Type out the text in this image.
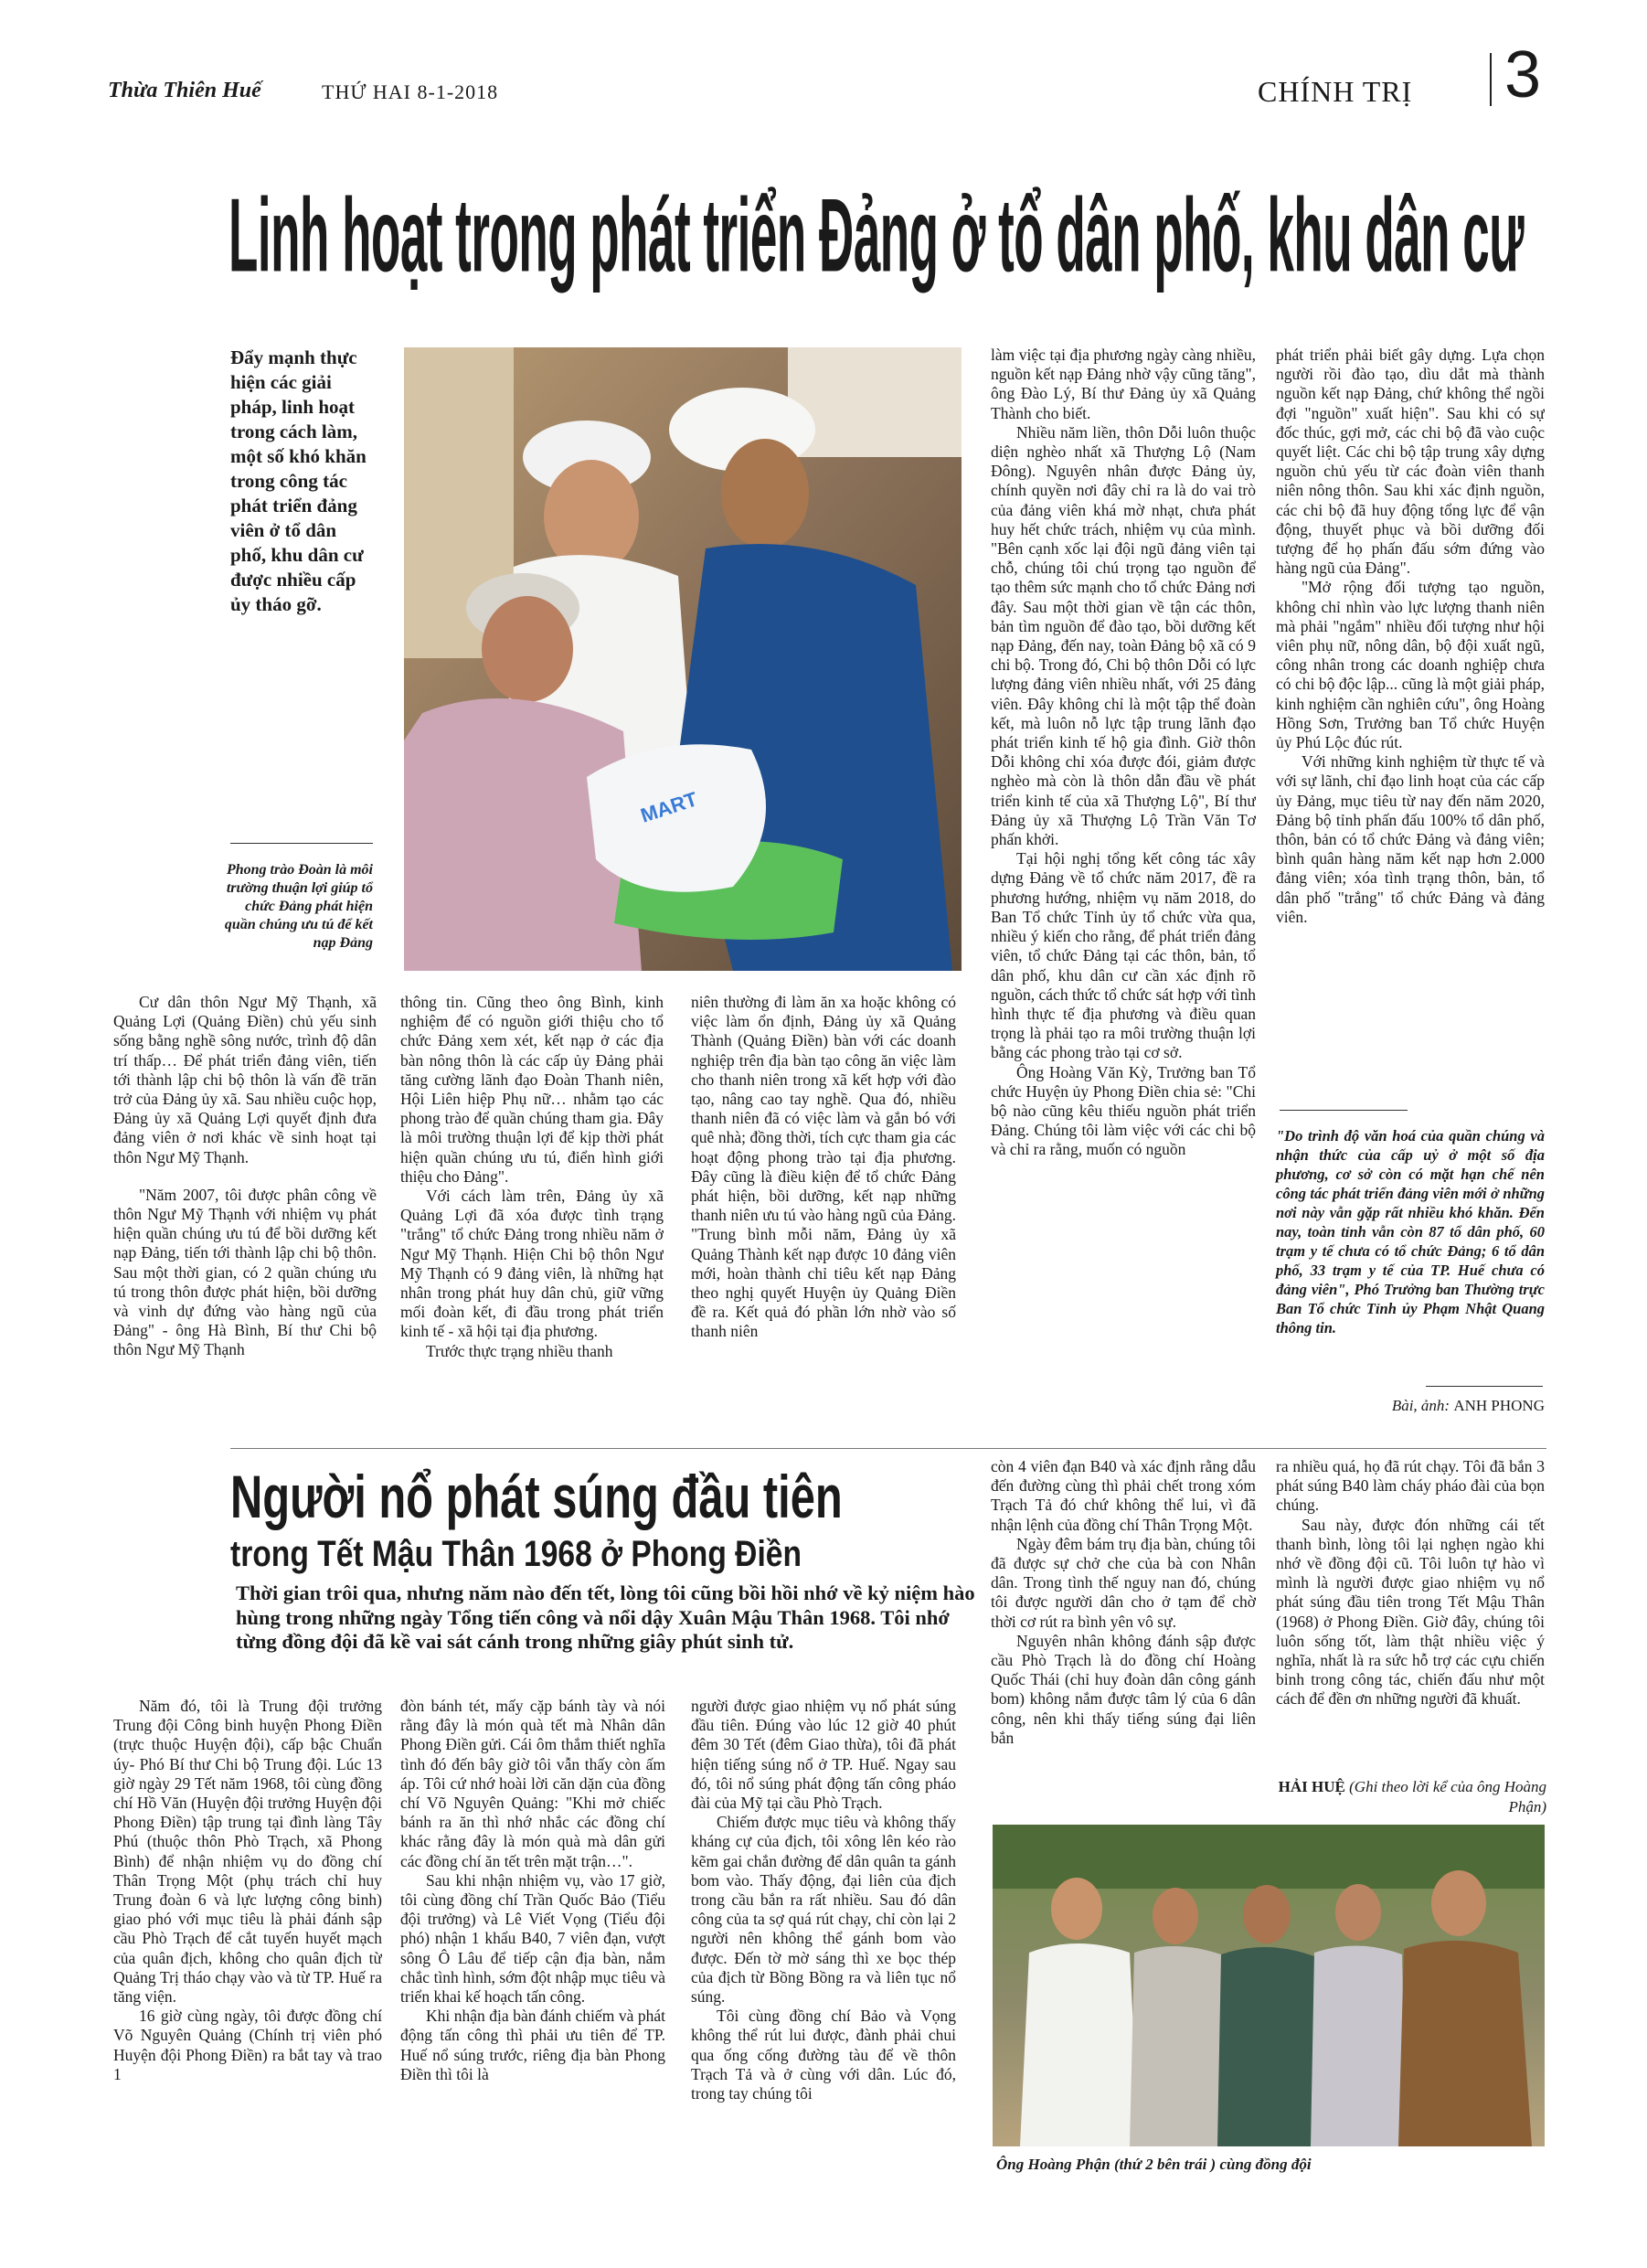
Thừa Thiên Huế	THỨ HAI 8-1-2018	CHÍNH TRỊ 3
Linh hoạt trong phát triển Đảng ở tổ dân phố, khu dân cư
Đẩy mạnh thực hiện các giải pháp, linh hoạt trong cách làm, một số khó khăn trong công tác phát triển đảng viên ở tổ dân phố, khu dân cư được nhiều cấp ủy tháo gỡ.
MART
Phong trào Đoàn là môi trường thuận lợi giúp tổ chức Đảng phát hiện quần chúng ưu tú để kết nạp Đảng

Cư dân thôn Ngư Mỹ Thạnh, xã Quảng Lợi (Quảng Điền) chủ yếu sinh sống bằng nghề sông nước, trình độ dân trí thấp… Để phát triển đảng viên, tiến tới thành lập chi bộ thôn là vấn đề trăn trở của Đảng ủy xã. Sau nhiều cuộc họp, Đảng ủy xã Quảng Lợi quyết định đưa đảng viên ở nơi khác về sinh hoạt tại thôn Ngư Mỹ Thạnh.

"Năm 2007, tôi được phân công về thôn Ngư Mỹ Thạnh với nhiệm vụ phát hiện quần chúng ưu tú để bồi dưỡng kết nạp Đảng, tiến tới thành lập chi bộ thôn. Sau một thời gian, có 2 quần chúng ưu tú trong thôn được phát hiện, bồi dưỡng và vinh dự đứng vào hàng ngũ của Đảng" - ông Hà Bình, Bí thư Chi bộ thôn Ngư Mỹ Thạnh

thông tin. Cũng theo ông Bình, kinh nghiệm để có nguồn giới thiệu cho tổ chức Đảng xem xét, kết nạp ở các địa bàn nông thôn là các cấp ủy Đảng phải tăng cường lãnh đạo Đoàn Thanh niên, Hội Liên hiệp Phụ nữ… nhằm tạo các phong trào để quần chúng tham gia. Đây là môi trường thuận lợi để kịp thời phát hiện quần chúng ưu tú, điển hình giới thiệu cho Đảng".

Với cách làm trên, Đảng ủy xã Quảng Lợi đã xóa được tình trạng "trắng" tổ chức Đảng trong nhiều năm ở Ngư Mỹ Thạnh. Hiện Chi bộ thôn Ngư Mỹ Thạnh có 9 đảng viên, là những hạt nhân trong phát huy dân chủ, giữ vững mối đoàn kết, đi đầu trong phát triển kinh tế - xã hội tại địa phương.

Trước thực trạng nhiều thanh

niên thường đi làm ăn xa hoặc không có việc làm ổn định, Đảng ủy xã Quảng Thành (Quảng Điền) bàn với các doanh nghiệp trên địa bàn tạo công ăn việc làm cho thanh niên trong xã kết hợp với đào tạo, nâng cao tay nghề. Qua đó, nhiều thanh niên đã có việc làm và gắn bó với quê nhà; đồng thời, tích cực tham gia các hoạt động phong trào tại địa phương. Đây cũng là điều kiện để tổ chức Đảng phát hiện, bồi dưỡng, kết nạp những thanh niên ưu tú vào hàng ngũ của Đảng. "Trung bình mỗi năm, Đảng ủy xã Quảng Thành kết nạp được 10 đảng viên mới, hoàn thành chỉ tiêu kết nạp Đảng theo nghị quyết Huyện ủy Quảng Điền đề ra. Kết quả đó phần lớn nhờ vào số thanh niên

làm việc tại địa phương ngày càng nhiều, nguồn kết nạp Đảng nhờ vậy cũng tăng", ông Đào Lý, Bí thư Đảng ủy xã Quảng Thành cho biết.

Nhiều năm liền, thôn Dỗi luôn thuộc diện nghèo nhất xã Thượng Lộ (Nam Đông). Nguyên nhân được Đảng ủy, chính quyền nơi đây chỉ ra là do vai trò của đảng viên khá mờ nhạt, chưa phát huy hết chức trách, nhiệm vụ của mình. "Bên cạnh xốc lại đội ngũ đảng viên tại chỗ, chúng tôi chú trọng tạo nguồn để tạo thêm sức mạnh cho tổ chức Đảng nơi đây. Sau một thời gian về tận các thôn, bản tìm nguồn để đào tạo, bồi dưỡng kết nạp Đảng, đến nay, toàn Đảng bộ xã có 9 chi bộ. Trong đó, Chi bộ thôn Dỗi có lực lượng đảng viên nhiều nhất, với 25 đảng viên. Đây không chỉ là một tập thể đoàn kết, mà luôn nỗ lực tập trung lãnh đạo phát triển kinh tế hộ gia đình. Giờ thôn Dỗi không chỉ xóa được đói, giảm được nghèo mà còn là thôn dẫn đầu về phát triển kinh tế của xã Thượng Lộ", Bí thư Đảng ủy xã Thượng Lộ Trần Văn Tơ phấn khởi.

Tại hội nghị tổng kết công tác xây dựng Đảng về tổ chức năm 2017, đề ra phương hướng, nhiệm vụ năm 2018, do Ban Tổ chức Tỉnh ủy tổ chức vừa qua, nhiều ý kiến cho rằng, để phát triển đảng viên, tổ chức Đảng tại các thôn, bản, tổ dân phố, khu dân cư cần xác định rõ nguồn, cách thức tổ chức sát hợp với tình hình thực tế địa phương và điều quan trọng là phải tạo ra môi trường thuận lợi bằng các phong trào tại cơ sở.

Ông Hoàng Văn Kỳ, Trưởng ban Tổ chức Huyện ủy Phong Điền chia sẻ: "Chi bộ nào cũng kêu thiếu nguồn phát triển Đảng. Chúng tôi làm việc với các chi bộ và chỉ ra rằng, muốn có nguồn

phát triển phải biết gây dựng. Lựa chọn người rồi đào tạo, dìu dắt mà thành nguồn kết nạp Đảng, chứ không thể ngồi đợi "nguồn" xuất hiện". Sau khi có sự đốc thúc, gợi mở, các chi bộ đã vào cuộc quyết liệt. Các chi bộ tập trung xây dựng nguồn chủ yếu từ các đoàn viên thanh niên nông thôn. Sau khi xác định nguồn, các chi bộ đã huy động tổng lực để vận động, thuyết phục và bồi dưỡng đối tượng để họ phấn đấu sớm đứng vào hàng ngũ của Đảng".

"Mở rộng đối tượng tạo nguồn, không chỉ nhìn vào lực lượng thanh niên mà phải "ngắm" nhiều đối tượng như hội viên phụ nữ, nông dân, bộ đội xuất ngũ, công nhân trong các doanh nghiệp chưa có chi bộ độc lập... cũng là một giải pháp, kinh nghiệm cần nghiên cứu", ông Hoàng Hồng Sơn, Trưởng ban Tổ chức Huyện ủy Phú Lộc đúc rút.

Với những kinh nghiệm từ thực tế và với sự lãnh, chỉ đạo linh hoạt của các cấp ủy Đảng, mục tiêu từ nay đến năm 2020, Đảng bộ tỉnh phấn đấu 100% tổ dân phố, thôn, bản có tổ chức Đảng và đảng viên; bình quân hàng năm kết nạp hơn 2.000 đảng viên; xóa tình trạng thôn, bản, tổ dân phố "trắng" tổ chức Đảng và đảng viên.

"Do trình độ văn hoá của quần chúng và nhận thức của cấp uỷ ở một số địa phương, cơ sở còn có mặt hạn chế nên công tác phát triển đảng viên mới ở những nơi này vẫn gặp rất nhiều khó khăn. Đến nay, toàn tỉnh vẫn còn 87 tổ dân phố, 60 trạm y tế chưa có tổ chức Đảng; 6 tổ dân phố, 33 trạm y tế của TP. Huế chưa có đảng viên", Phó Trưởng ban Thường trực Ban Tổ chức Tỉnh ủy Phạm Nhật Quang thông tin.
Bài, ảnh: ANH PHONG
Người nổ phát súng đầu tiên
trong Tết Mậu Thân 1968 ở Phong Điền
Thời gian trôi qua, nhưng năm nào đến tết, lòng tôi cũng bồi hồi nhớ về kỷ niệm hào hùng trong những ngày Tổng tiến công và nổi dậy Xuân Mậu Thân 1968. Tôi nhớ từng đồng đội đã kề vai sát cánh trong những giây phút sinh tử.

Năm đó, tôi là Trung đội trưởng Trung đội Công binh huyện Phong Điền (trực thuộc Huyện đội), cấp bậc Chuẩn úy- Phó Bí thư Chi bộ Trung đội. Lúc 13 giờ ngày 29 Tết năm 1968, tôi cùng đồng chí Hồ Văn (Huyện đội trưởng Huyện đội Phong Điền) tập trung tại đình làng Tây Phú (thuộc thôn Phò Trạch, xã Phong Bình) để nhận nhiệm vụ do đồng chí Thân Trọng Một (phụ trách chỉ huy Trung đoàn 6 và lực lượng công binh) giao phó với mục tiêu là phải đánh sập cầu Phò Trạch để cắt tuyến huyết mạch của quân địch, không cho quân địch từ Quảng Trị tháo chạy vào và từ TP. Huế ra tăng viện.

16 giờ cùng ngày, tôi được đồng chí Võ Nguyên Quảng (Chính trị viên phó Huyện đội Phong Điền) ra bắt tay và trao 1

đòn bánh tét, mấy cặp bánh tày và nói rằng đây là món quà tết mà Nhân dân Phong Điền gửi. Cái ôm thắm thiết nghĩa tình đó đến bây giờ tôi vẫn thấy còn ấm áp. Tôi cứ nhớ hoài lời căn dặn của đồng chí Võ Nguyên Quảng: "Khi mở chiếc bánh ra ăn thì nhớ nhắc các đồng chí khác rằng đây là món quà mà dân gửi các đồng chí ăn tết trên mặt trận…".

Sau khi nhận nhiệm vụ, vào 17 giờ, tôi cùng đồng chí Trần Quốc Bảo (Tiểu đội trưởng) và Lê Viết Vọng (Tiểu đội phó) nhận 1 khẩu B40, 7 viên đạn, vượt sông Ô Lâu để tiếp cận địa bàn, nắm chắc tình hình, sớm đột nhập mục tiêu và triển khai kế hoạch tấn công.

Khi nhận địa bàn đánh chiếm và phát động tấn công thì phải ưu tiên để TP. Huế nổ súng trước, riêng địa bàn Phong Điền thì tôi là

người được giao nhiệm vụ nổ phát súng đầu tiên. Đúng vào lúc 12 giờ 40 phút đêm 30 Tết (đêm Giao thừa), tôi đã phát hiện tiếng súng nổ ở TP. Huế. Ngay sau đó, tôi nổ súng phát động tấn công pháo đài của Mỹ tại cầu Phò Trạch.

Chiếm được mục tiêu và không thấy kháng cự của địch, tôi xông lên kéo rào kẽm gai chắn đường để dân quân ta gánh bom vào. Thấy động, đại liên của địch trong cầu bắn ra rất nhiều. Sau đó dân công của ta sợ quá rút chạy, chỉ còn lại 2 người nên không thể gánh bom vào được. Đến tờ mờ sáng thì xe bọc thép của địch từ Bồng Bồng ra và liên tục nổ súng.

Tôi cùng đồng chí Bảo và Vọng không thể rút lui được, đành phải chui qua ống cống đường tàu để về thôn Trạch Tả và ở cùng với dân. Lúc đó, trong tay chúng tôi

còn 4 viên đạn B40 và xác định rằng dẫu đến đường cùng thì phải chết trong xóm Trạch Tả đó chứ không thể lui, vì đã nhận lệnh của đồng chí Thân Trọng Một.

Ngày đêm bám trụ địa bàn, chúng tôi đã được sự chở che của bà con Nhân dân. Trong tình thế nguy nan đó, chúng tôi được người dân cho ở tạm để chờ thời cơ rút ra bình yên vô sự.

Nguyên nhân không đánh sập được cầu Phò Trạch là do đồng chí Hoàng Quốc Thái (chỉ huy đoàn dân công gánh bom) không nắm được tâm lý của 6 dân công, nên khi thấy tiếng súng đại liên bắn

ra nhiều quá, họ đã rút chạy. Tôi đã bắn 3 phát súng B40 làm cháy pháo đài của bọn chúng.

Sau này, được đón những cái tết thanh bình, lòng tôi lại nghẹn ngào khi nhớ về đồng đội cũ. Tôi luôn tự hào vì mình là người được giao nhiệm vụ nổ phát súng đầu tiên trong Tết Mậu Thân (1968) ở Phong Điền. Giờ đây, chúng tôi luôn sống tốt, làm thật nhiều việc ý nghĩa, nhất là ra sức hỗ trợ các cựu chiến binh trong công tác, chiến đấu như một cách để đền ơn những người đã khuất.

HẢI HUỆ (Ghi theo lời kể của ông Hoàng Phận)
Ông Hoàng Phận (thứ 2 bên trái ) cùng đồng đội
